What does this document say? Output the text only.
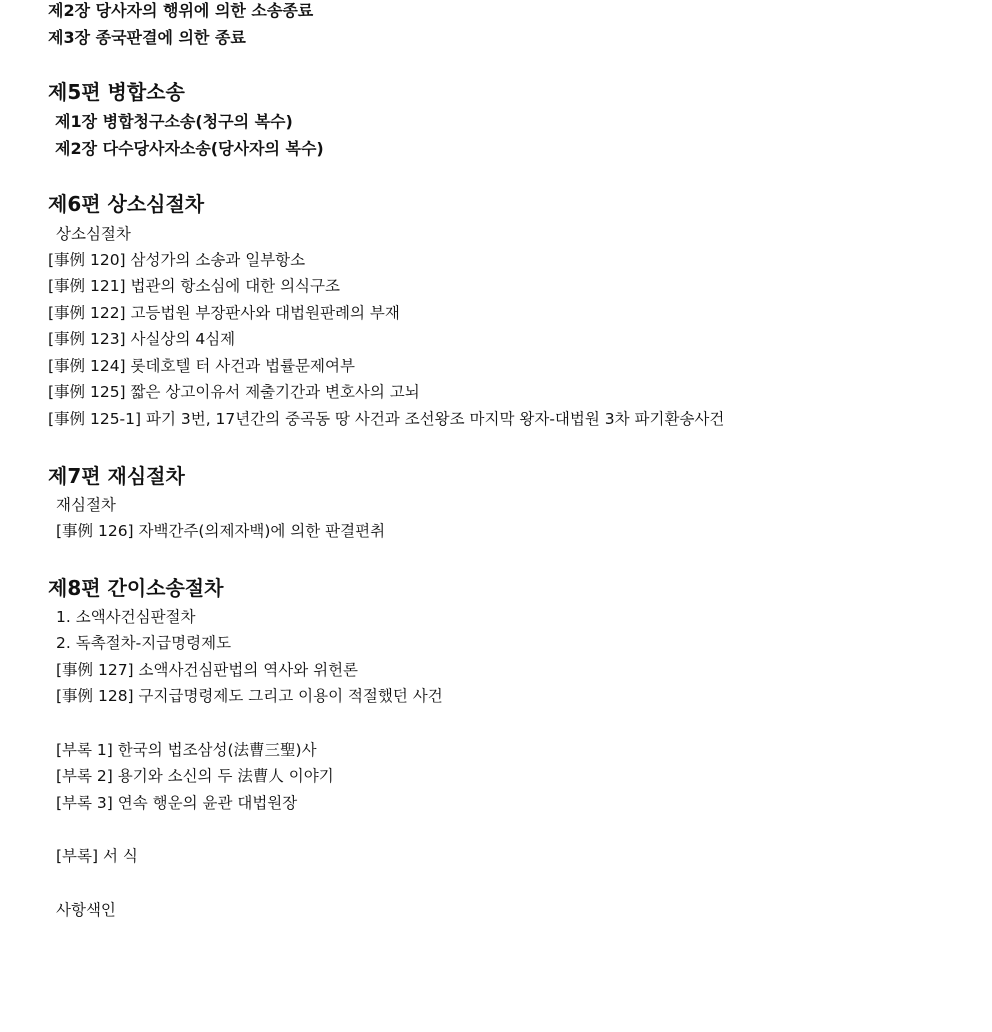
제2장 당사자의 행위에 의한 소송종료
제3장 종국판결에 의한 종료
제5편 병합소송
제1장 병합청구소송(청구의 복수)
제2장 다수당사자소송(당사자의 복수)
제6편 상소심절차
상소심절차
[事例 120] 삼성가의 소송과 일부항소
[事例 121] 법관의 항소심에 대한 의식구조
[事例 122] 고등법원 부장판사와 대법원판례의 부재
[事例 123] 사실상의 4심제
[事例 124] 롯데호텔 터 사건과 법률문제여부
[事例 125] 짧은 상고이유서 제출기간과 변호사의 고뇌
[事例 125-1] 파기 3번, 17년간의 중곡동 땅 사건과 조선왕조 마지막 왕자-대법원 3차 파기환송사건
제7편 재심절차
재심절차
[事例 126] 자백간주(의제자백)에 의한 판결편취
제8편 간이소송절차
1. 소액사건심판절차
2. 독촉절차-지급명령제도
[事例 127] 소액사건심판법의 역사와 위헌론
[事例 128] 구지급명령제도 그리고 이용이 적절했던 사건
[부록 1] 한국의 법조삼성(法曹三聖)사
[부록 2] 용기와 소신의 두 法曹人 이야기
[부록 3] 연속 행운의 윤관 대법원장
[부록] 서 식
사항색인
